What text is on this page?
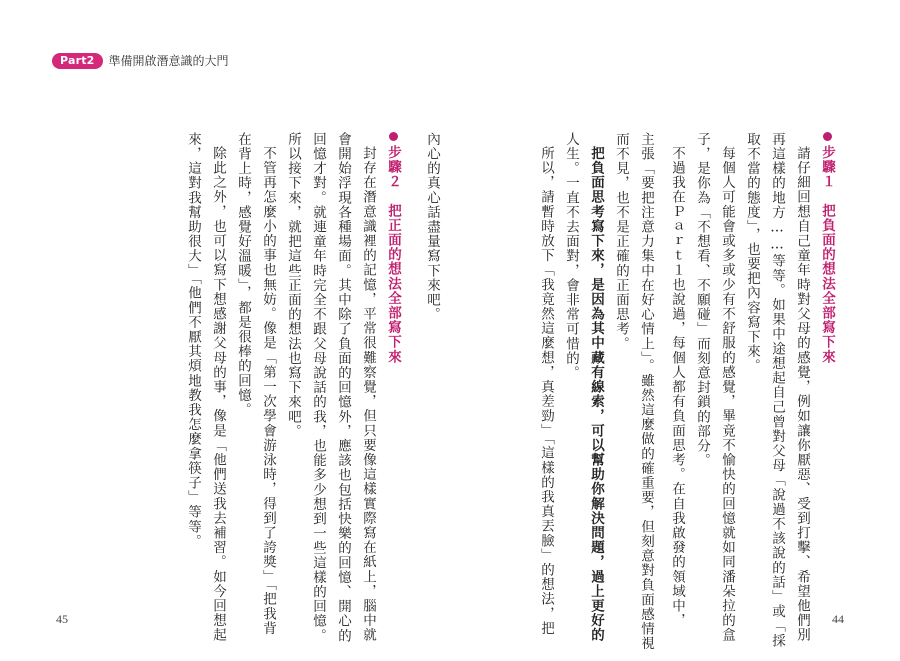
Part2	準備開啟潛意識的大門
步驟１　把負面的想法全部寫下來
請仔細回想自己童年時對父母的感覺，例如讓你厭惡、受到打擊、希望他們別
再這樣的地方……等等。如果中途想起自己曾對父母「說過不該說的話」或「採
取不當的態度」，也要把內容寫下來。
每個人可能會或多或少有不舒服的感覺，畢竟不愉快的回憶就如同潘朵拉的盒
子，是你為「不想看、不願碰」而刻意封鎖的部分。
不過我在Ｐａｒｔ１也說過，每個人都有負面思考。在自我啟發的領域中，
主張「要把注意力集中在好心情上」。雖然這麼做的確重要，但刻意對負面感情視
而不見，也不是正確的正面思考。
把負面思考寫下來，是因為其中藏有線索，可以幫助你解決問題，過上更好的
人生。一直不去面對，會非常可惜的。
所以，請暫時放下「我竟然這麼想，真差勁」「這樣的我真丟臉」的想法，把
內心的真心話盡量寫下來吧。
步驟２　把正面的想法全部寫下來
封存在潛意識裡的記憶，平常很難察覺，但只要像這樣實際寫在紙上，腦中就
會開始浮現各種場面。其中除了負面的回憶外，應該也包括快樂的回憶、開心的
回憶才對。就連童年時完全不跟父母說話的我，也能多少想到一些這樣的回憶。
所以接下來，就把這些正面的想法也寫下來吧。
不管再怎麼小的事也無妨。像是「第一次學會游泳時，得到了誇獎」「把我背
在背上時，感覺好溫暖」，都是很棒的回憶。
除此之外，也可以寫下想感謝父母的事，像是「他們送我去補習。如今回想起
來，這對我幫助很大」「他們不厭其煩地教我怎麼拿筷子」等等。
45	44
